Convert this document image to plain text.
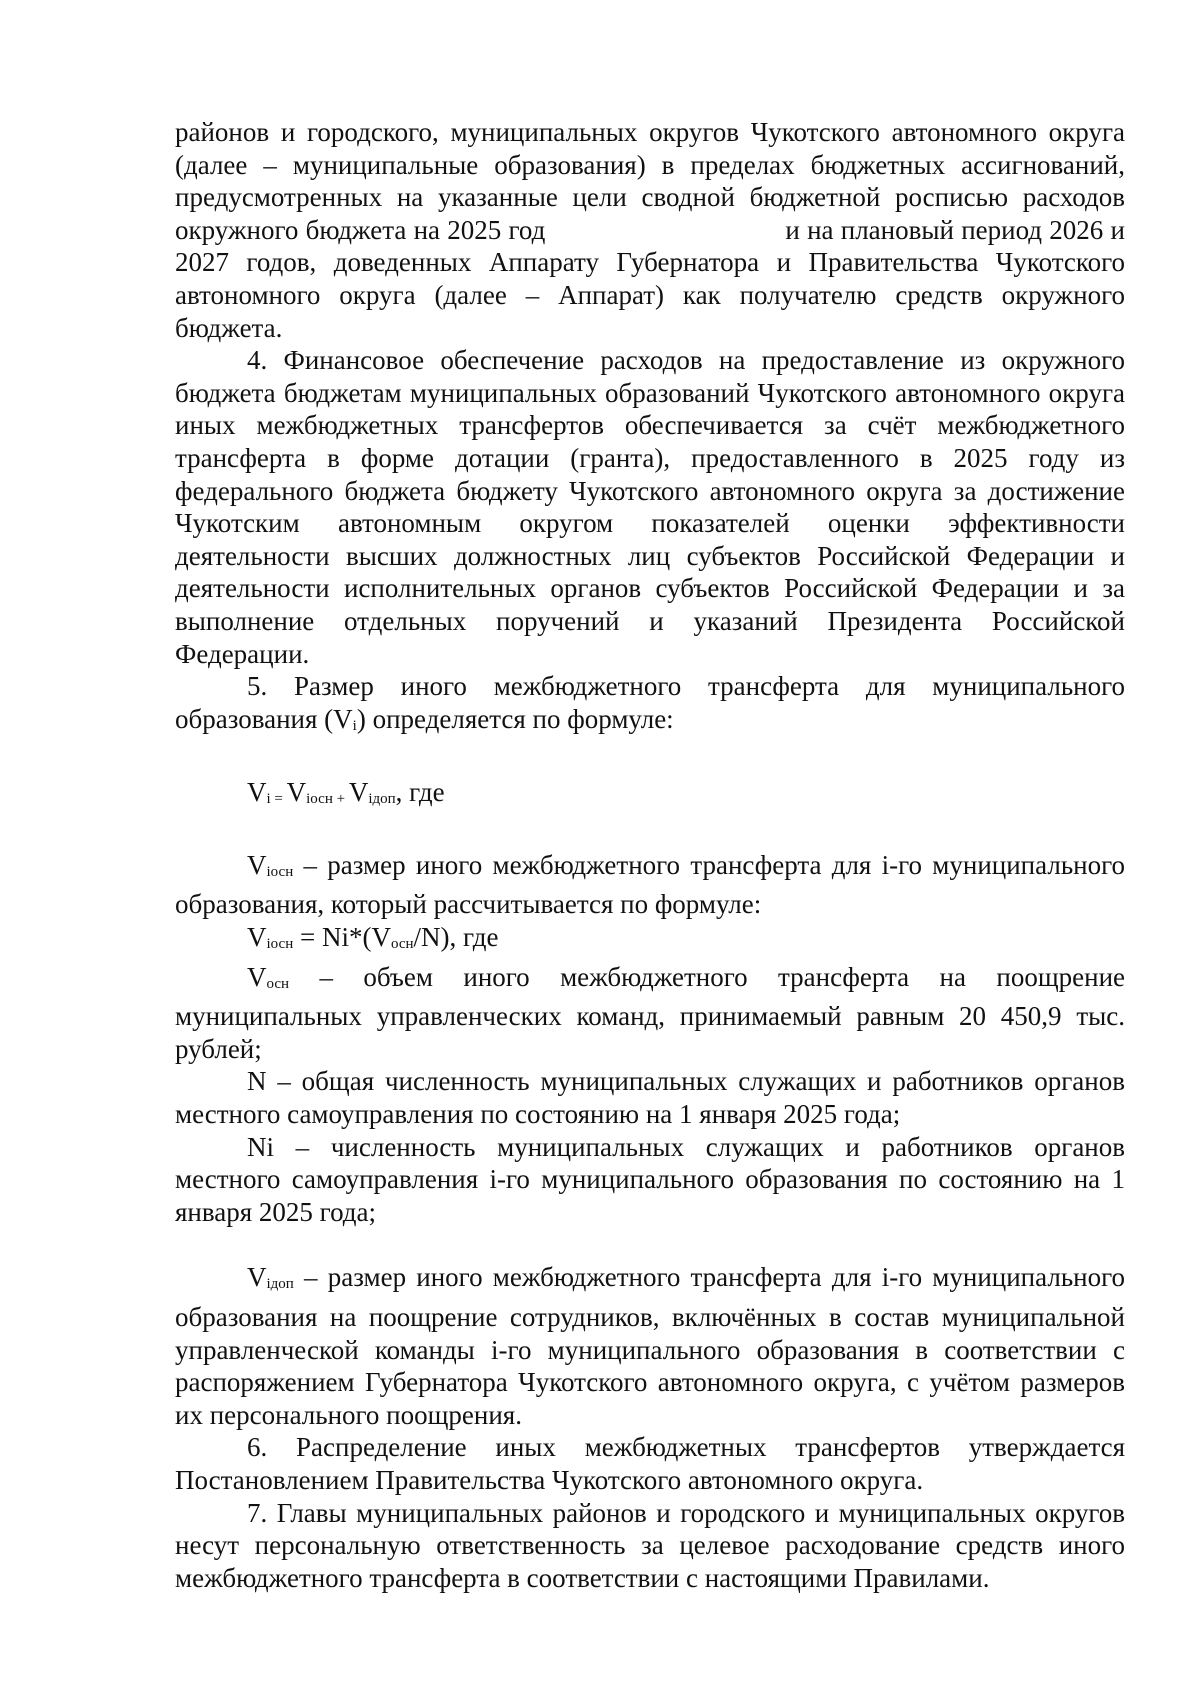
районов и городского, муниципальных округов Чукотского автономного округа (далее – муниципальные образования) в пределах бюджетных ассигнований, предусмотренных на указанные цели сводной бюджетной росписью расходов окружного бюджета на 2025 год	и на плановый период 2026 и 2027 годов, доведенных Аппарату Губернатора и Правительства Чукотского автономного округа (далее – Аппарат) как получателю средств окружного бюджета.

4. Финансовое обеспечение расходов на предоставление из окружного бюджета бюджетам муниципальных образований Чукотского автономного округа иных межбюджетных трансфертов обеспечивается за счёт межбюджетного трансферта в форме дотации (гранта), предоставленного в 2025 году из федерального бюджета бюджету Чукотского автономного округа за достижение Чукотским автономным округом показателей оценки эффективности деятельности высших должностных лиц субъектов Российской Федерации и деятельности исполнительных органов субъектов Российской Федерации и за выполнение отдельных поручений и указаний Президента Российской Федерации.

5. Размер иного межбюджетного трансферта для муниципального образования (Vi) определяется по формуле:

Vi = Viосн + Viдоп, где

Viосн – размер иного межбюджетного трансферта для i-го муниципального образования, который рассчитывается по формуле:

Viосн = Ni*(Vосн/N), где

Vосн – объем иного межбюджетного трансферта на поощрение муниципальных управленческих команд, принимаемый равным 20 450,9 тыс. рублей;

N – общая численность муниципальных служащих и работников органов местного самоуправления по состоянию на 1 января 2025 года;

Ni – численность муниципальных служащих и работников органов местного самоуправления i-го муниципального образования по состоянию на 1 января 2025 года;

Viдоп – размер иного межбюджетного трансферта для i-го муниципального образования на поощрение сотрудников, включённых в состав муниципальной управленческой команды i-го муниципального образования в соответствии с распоряжением Губернатора Чукотского автономного округа, с учётом размеров их персонального поощрения.

6. Распределение иных межбюджетных трансфертов утверждается Постановлением Правительства Чукотского автономного округа.

7. Главы муниципальных районов и городского и муниципальных округов несут персональную ответственность за целевое расходование средств иного межбюджетного трансферта в соответствии с настоящими Правилами.
